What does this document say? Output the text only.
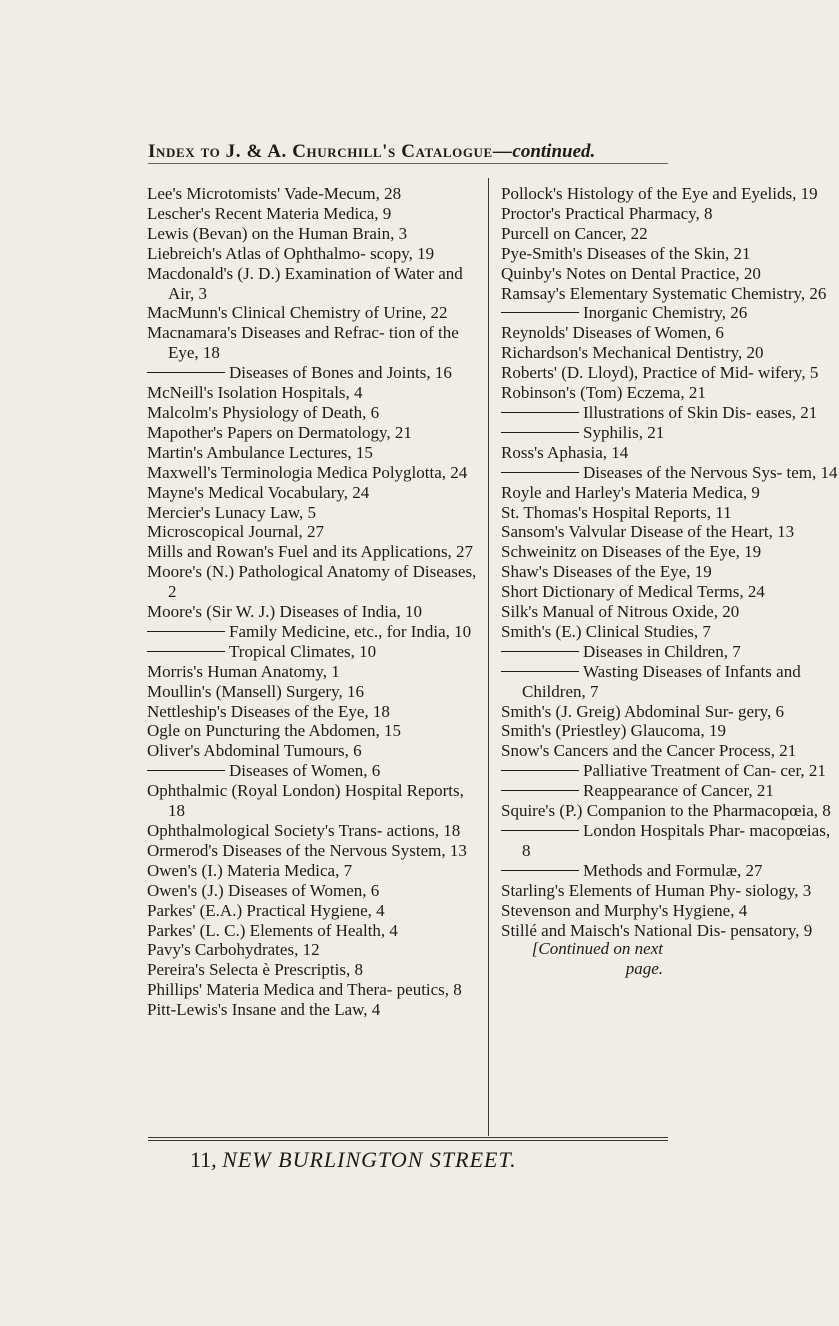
Index to J. & A. Churchill's Catalogue—continued.

Lee's Microtomists' Vade-Mecum, 28

Lescher's Recent Materia Medica, 9

Lewis (Bevan) on the Human Brain, 3

Liebreich's Atlas of Ophthalmo- scopy, 19

Macdonald's (J. D.) Examination of Water and Air, 3

MacMunn's Clinical Chemistry of Urine, 22

Macnamara's Diseases and Refrac- tion of the Eye, 18

Diseases of Bones and Joints, 16

McNeill's Isolation Hospitals, 4

Malcolm's Physiology of Death, 6

Mapother's Papers on Dermatology, 21

Martin's Ambulance Lectures, 15

Maxwell's Terminologia Medica Polyglotta, 24

Mayne's Medical Vocabulary, 24

Mercier's Lunacy Law, 5

Microscopical Journal, 27

Mills and Rowan's Fuel and its Applications, 27

Moore's (N.) Pathological Anatomy of Diseases, 2

Moore's (Sir W. J.) Diseases of India, 10

Family Medicine, etc., for India, 10

Tropical Climates, 10

Morris's Human Anatomy, 1

Moullin's (Mansell) Surgery, 16

Nettleship's Diseases of the Eye, 18

Ogle on Puncturing the Abdomen, 15

Oliver's Abdominal Tumours, 6

Diseases of Women, 6

Ophthalmic (Royal London) Hospital Reports, 18

Ophthalmological Society's Trans- actions, 18

Ormerod's Diseases of the Nervous System, 13

Owen's (I.) Materia Medica, 7

Owen's (J.) Diseases of Women, 6

Parkes' (E.A.) Practical Hygiene, 4

Parkes' (L. C.) Elements of Health, 4

Pavy's Carbohydrates, 12

Pereira's Selecta è Prescriptis, 8

Phillips' Materia Medica and Thera- peutics, 8

Pitt-Lewis's Insane and the Law, 4

Pollock's Histology of the Eye and Eyelids, 19

Proctor's Practical Pharmacy, 8

Purcell on Cancer, 22

Pye-Smith's Diseases of the Skin, 21

Quinby's Notes on Dental Practice, 20

Ramsay's Elementary Systematic Chemistry, 26

Inorganic Chemistry, 26

Reynolds' Diseases of Women, 6

Richardson's Mechanical Dentistry, 20

Roberts' (D. Lloyd), Practice of Mid- wifery, 5

Robinson's (Tom) Eczema, 21

Illustrations of Skin Dis- eases, 21

Syphilis, 21

Ross's Aphasia, 14

Diseases of the Nervous Sys- tem, 14

Royle and Harley's Materia Medica, 9

St. Thomas's Hospital Reports, 11

Sansom's Valvular Disease of the Heart, 13

Schweinitz on Diseases of the Eye, 19

Shaw's Diseases of the Eye, 19

Short Dictionary of Medical Terms, 24

Silk's Manual of Nitrous Oxide, 20

Smith's (E.) Clinical Studies, 7

Diseases in Children, 7

Wasting Diseases of Infants and Children, 7

Smith's (J. Greig) Abdominal Sur- gery, 6

Smith's (Priestley) Glaucoma, 19

Snow's Cancers and the Cancer Process, 21

Palliative Treatment of Can- cer, 21

Reappearance of Cancer, 21

Squire's (P.) Companion to the Pharmacopœia, 8

London Hospitals Phar- macopœias, 8

Methods and Formulæ, 27

Starling's Elements of Human Phy- siology, 3

Stevenson and Murphy's Hygiene, 4

Stillé and Maisch's National Dis- pensatory, 9

[Continued on next page.

11, NEW BURLINGTON STREET.
